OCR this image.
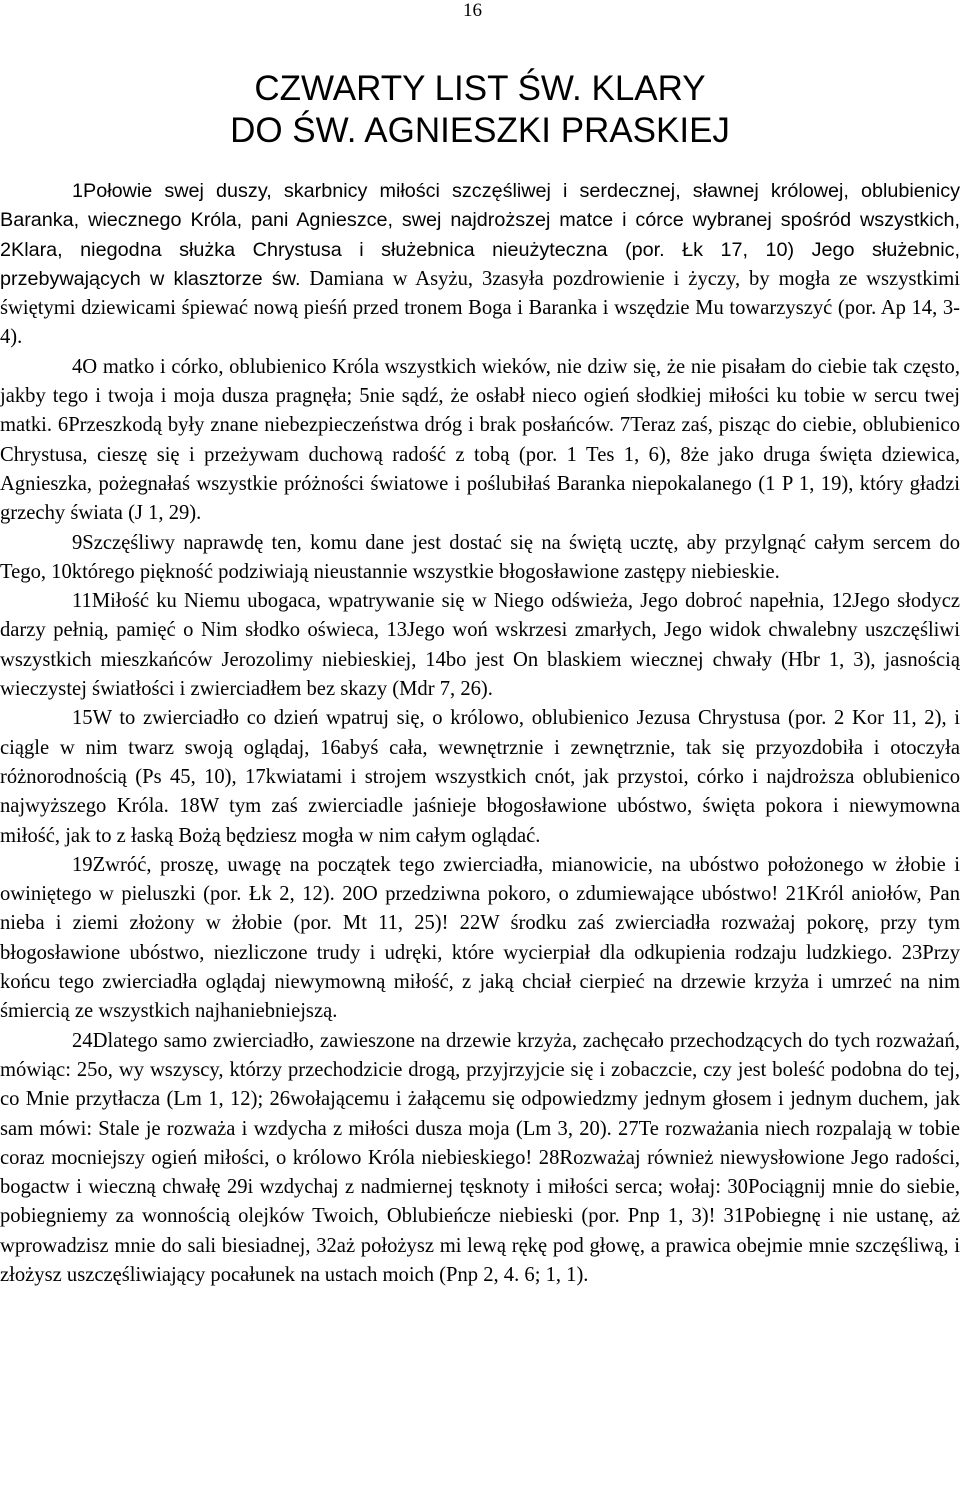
16
CZWARTY LIST ŚW. KLARY
DO ŚW. AGNIESZKI PRASKIEJ

1Połowie swej duszy, skarbnicy miłości szczęśliwej i serdecznej, sławnej królowej, oblubienicy Baranka, wiecznego Króla, pani Agnieszce, swej najdroższej matce i córce wybranej spośród wszystkich, 2Klara, niegodna służka Chrystusa i służebnica nieużyteczna (por. Łk 17, 10) Jego służebnic, przebywających w klasztorze św. Damiana w Asyżu, 3zasyła pozdrowienie i życzy, by mogła ze wszystkimi świętymi dziewicami śpiewać nową pieśń przed tronem Boga i Baranka i wszędzie Mu towarzyszyć (por. Ap 14, 3-4).

4O matko i córko, oblubienico Króla wszystkich wieków, nie dziw się, że nie pisałam do ciebie tak często, jakby tego i twoja i moja dusza pragnęła; 5nie sądź, że osłabł nieco ogień słodkiej miłości ku tobie w sercu twej matki. 6Przeszkodą były znane niebezpieczeństwa dróg i brak posłańców. 7Teraz zaś, pisząc do ciebie, oblubienico Chrystusa, cieszę się i przeżywam duchową radość z tobą (por. 1 Tes 1, 6), 8że jako druga święta dziewica, Agnieszka, pożegnałaś wszystkie próżności światowe i poślubiłaś Baranka niepokalanego (1 P 1, 19), który gładzi grzechy świata (J 1, 29).

9Szczęśliwy naprawdę ten, komu dane jest dostać się na świętą ucztę, aby przylgnąć całym sercem do Tego, 10którego piękność podziwiają nieustannie wszystkie błogosławione zastępy niebieskie.

11Miłość ku Niemu ubogaca, wpatrywanie się w Niego odświeża, Jego dobroć napełnia, 12Jego słodycz darzy pełnią, pamięć o Nim słodko oświeca, 13Jego woń wskrzesi zmarłych, Jego widok chwalebny uszczęśliwi wszystkich mieszkańców Jerozolimy niebieskiej, 14bo jest On blaskiem wiecznej chwały (Hbr 1, 3), jasnością wieczystej światłości i zwierciadłem bez skazy (Mdr 7, 26).

15W to zwierciadło co dzień wpatruj się, o królowo, oblubienico Jezusa Chrystusa (por. 2 Kor 11, 2), i ciągle w nim twarz swoją oglądaj, 16abyś cała, wewnętrznie i zewnętrznie, tak się przyozdobiła i otoczyła różnorodnością (Ps 45, 10), 17kwiatami i strojem wszystkich cnót, jak przystoi, córko i najdroższa oblubienico najwyższego Króla. 18W tym zaś zwierciadle jaśnieje błogosławione ubóstwo, święta pokora i niewymowna miłość, jak to z łaską Bożą będziesz mogła w nim całym oglądać.

19Zwróć, proszę, uwagę na początek tego zwierciadła, mianowicie, na ubóstwo położonego w żłobie i owiniętego w pieluszki (por. Łk 2, 12). 20O przedziwna pokoro, o zdumiewające ubóstwo! 21Król aniołów, Pan nieba i ziemi złożony w żłobie (por. Mt 11, 25)! 22W środku zaś zwierciadła rozważaj pokorę, przy tym błogosławione ubóstwo, niezliczone trudy i udręki, które wycierpiał dla odkupienia rodzaju ludzkiego. 23Przy końcu tego zwierciadła oglądaj niewymowną miłość, z jaką chciał cierpieć na drzewie krzyża i umrzeć na nim śmiercią ze wszystkich najhaniebniejszą.

24Dlatego samo zwierciadło, zawieszone na drzewie krzyża, zachęcało przechodzących do tych rozważań, mówiąc: 25o, wy wszyscy, którzy przechodzicie drogą, przyjrzyjcie się i zobaczcie, czy jest boleść podobna do tej, co Mnie przytłacza (Lm 1, 12); 26wołającemu i żałącemu się odpowiedzmy jednym głosem i jednym duchem, jak sam mówi: Stale je rozważa i wzdycha z miłości dusza moja (Lm 3, 20). 27Te rozważania niech rozpalają w tobie coraz mocniejszy ogień miłości, o królowo Króla niebieskiego! 28Rozważaj również niewysłowione Jego radości, bogactw i wieczną chwałę 29i wzdychaj z nadmiernej tęsknoty i miłości serca; wołaj: 30Pociągnij mnie do siebie, pobiegniemy za wonnością olejków Twoich, Oblubieńcze niebieski (por. Pnp 1, 3)! 31Pobiegnę i nie ustanę, aż wprowadzisz mnie do sali biesiadnej, 32aż położysz mi lewą rękę pod głowę, a prawica obejmie mnie szczęśliwą, i złożysz uszczęśliwiający pocałunek na ustach moich (Pnp 2, 4. 6; 1, 1).
